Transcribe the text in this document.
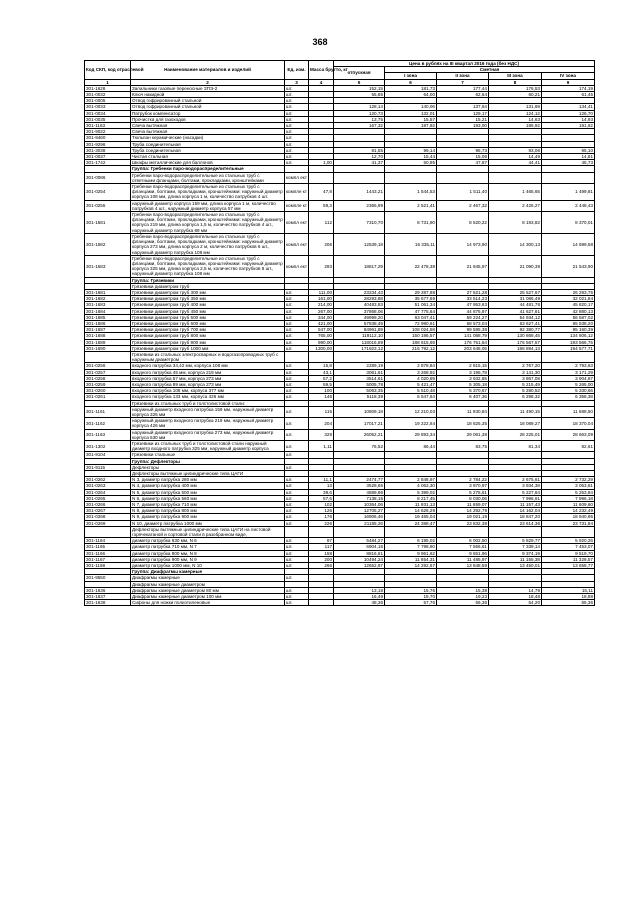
368
Код СКП, код отраслевой	Наименование материалов и изделий	Ед. изм.	Масса брутто, кг	Цена в рублях на III квартал 2016 года (без НДС)				
				отпускная	Сметная			
					I зона	II зона	III зона	IV зона
1	2	3	4	5	6	7	8	9
301-1628	Запальники газовые переносные ЗПЭ-2	шт.		152,15	181,73	177,44	176,53	174,19
301-0032	Ключ накидной	шт.		55,85	64,00	62,64	60,21	61,45
301-0005	Отвод гофрированный стальной	шт.						
301-0033	Отвод гофрированный стальной	шт.		128,14	140,06	137,64	131,69	134,41
301-0034	Патрубок компенсатор	шт.		120,73	132,01	129,17	124,12	126,70
301-0035	Прочистка для газоходов	шт.		13,75	15,57	15,21	14,63	14,93
301-1163	Свеча вытяжная	шт.		167,32	197,92	193,00	186,92	191,62
301-9022	Свеча вытяжная	шт.						
301-9460	Тюльпан керамические (насадки)	шт.						
301-9296	Труба соединительная	шт.						
301-3038	Труба соединительная	шт.		81,55	99,14	96,73	93,06	95,10
301-0037	Чистая стальная	шт.		12,70	15,44	15,06	14,49	14,81
301-1742	Шкафы металлические для баллонов	шт.	1,00	41,37	50,95	47,87	44,41	45,73
	Группа: Гребенки паро-водораспределительные							
301-0086	Гребенки паро-водораспределительные из стальных труб с ответными фланцами, болтами, прокладками, кронштейнами	компл ект						
301-0254	Гребенки паро-водораспределительные из стальных труб с фланцами, болтами, прокладками, кронштейнами: наружный диаметр корпуса 108 мм, длина корпуса 1 м, количество патрубков 4 шт.	компле кт	47,8	1443,21	1 544,53	1 511,40	1 465,65	1 499,81
301-0255	наружный диаметр корпуса 159 мм, длина корпуса 1 м, количество патрубков 4 шт., наружный диаметр корпуса 57 мм	компле кт	59,3	2365,99	2 521,41	2 467,32	2 425,27	2 448,43
301-1581	Гребенки паро-водораспределительные из стальных труб с фланцами, болтами, прокладками, кронштейнами: наружный диаметр корпуса 219 мм, длина корпуса 1,5 м, количество патрубков 4 шт., наружный диаметр патрубка 89 мм	компл ект	112	7310,70	8 731,90	8 520,22	8 193,82	8 370,01
301-1582	Гребенки паро-водораспределительные из стальных труб с фланцами, болтами, прокладками, кронштейнами: наружный диаметр корпуса 273 мм, длина корпуса 2 м, количество патрубков 6 шт., наружный диаметр патрубка 108 мм	компл ект	206	12539,18	15 335,11	14 973,90	14 300,13	14 699,58
301-1583	Гребенки паро-водораспределительные из стальных труб с фланцами, болтами, прокладками, кронштейнами: наружный диаметр корпуса 325 мм, длина корпуса 2,5 м, количество патрубков 8 шт., наружный диаметр патрубка 108 мм	компл ект	293	18817,29	22 478,38	21 945,97	21 090,39	21 543,90
	Группа: Грязевики							
	Грязевики диаметром труб							
301-1681	Грязевики диаметром труб 300 мм	шт.	111,00	23234,43	29 287,88	27 521,28	25 527,67	26 293,75
301-1682	Грязевики диаметром труб 350 мм	шт.	161,00	28293,88	35 677,69	33 514,23	31 086,49	32 021,84
301-1683	Грязевики диаметром труб 400 мм	шт.	214,00	40483,83	51 061,34	47 953,63	44 481,78	45 820,17
301-1684	Грязевики диаметром труб 450 мм	шт.	267,00	37868,06	47 775,64	44 876,97	41 627,61	42 880,13
301-1685	Грязевики диаметром труб 500 мм	шт.	344,00	49999,20	63 047,41	59 224,27	54 934,12	56 587,02
301-1686	Грязевики диаметром труб 600 мм	шт.	421,00	57838,49	72 980,61	68 573,04	63 627,41	65 538,20
301-1687	Грязевики диаметром труб 700 мм	шт.	547,00	84961,89	108 024,58	99 595,38	92 380,77	95 160,39
301-1688	Грязевики диаметром труб 800 мм	шт.	765,00	119112,10	150 196,57	141 088,79	130 868,45	134 806,12
301-1689	Грязевики диаметром труб 900 мм	шт.	990,00	118016,89	188 615,69	176 761,64	176 567,57	193 566,75
301-1690	Грязевики диаметром труб 1000 мм	шт.	1300,00	171923,12	216 792,12	203 648,05	188 894,13	194 577,71
	Грязевики из стальных электросварных и водогазопроводных труб с наружным диаметром							
301-0256	входного патрубка 34,42 мм, корпуса 108 мм	шт.	15,8	2289,19	2 878,84	2 815,15	2 767,20	2 793,63
301-0257	входного патрубка 45 мм, корпуса 219 мм	шт.	43,1	3061,61	3 268,92	3 195,78	3 141,30	3 171,29
301-0258	входного патрубка 57 мм, корпуса 273 мм	шт.	57,2	3514,61	4 020,89	3 932,85	3 867,08	3 904,87
301-0259	входного патрубка 89 мм, корпуса 273 мм	шт.	59,5	5005,78	5 421,47	5 305,18	5 215,49	5 265,00
301-0260	входного патрубка 108 мм, корпуса 377 мм	шт.	100	5063,35	5 510,48	5 370,67	5 280,52	5 330,66
301-0261	входного патрубка 133 мм, корпуса 426 мм	шт.	146	5118,39	6 547,64	6 407,36	6 298,32	6 358,38
	Грязевики из стальных труб и толстолистовой стали:							
301-1161	наружный диаметр входного патрубка 159 мм, наружный диаметр корпуса 325 мм	шт.	115	10809,18	12 210,03	11 930,84	11 490,15	11 688,50
301-1162	наружный диаметр входного патрубка 219 мм, наружный диаметр корпуса 426 мм	шт.	204	17017,21	19 222,64	18 825,35	18 089,27	18 370,04
301-1163	наружный диаметр входного патрубка 273 мм, наружный диаметр корпуса 530 мм	шт.	329	26052,21	29 893,34	29 061,38	28 225,01	28 663,09
301-1302	Грязевики из стальных труб и толстолистовой стали наружный диаметр входного патрубка 325 мм, наружный диаметр корпуса	шт.	1,11	76,52	86,44	83,75	81,34	82,61
301-9104	Грязевики стальные	шт.						
	Группа: Дефлекторы							
301-9115	Дефлекторы	шт.						
	Дефлекторы вытяжные цилиндрические типа ЦАГИ							
301-0262	N 3, диаметр патрубка 280 мм	шт.	11,1	2474,77	2 848,97	2 784,22	2 675,61	2 732,29
301-0263	N 4, диаметр патрубка 400 мм	шт.	13	3528,65	4 063,30	3 970,97	3 934,38	3 053,81
301-0264	N 5, диаметр патрубка 500 мм	шт.	39,6	4589,96	5 399,02	5 275,61	5 227,84	5 253,84
301-0265	N 6, диаметр патрубка 560 мм	шт.	57,6	7138,16	8 217,45	8 030,06	7 996,61	7 996,18
301-0266	N 7, диаметр патрубка 710 мм	шт.	102	10364,06	11 931,13	11 659,07	11 157,43	11 609,60
301-0267	N 8, диаметр патрубка 800 мм	шт.	126	12705,27	14 626,29	14 292,79	14 162,04	14 232,49
301-0268	N 9, диаметр патрубка 900 мм	шт.	176	16906,46	19 465,04	19 021,19	18 847,20	18 940,95
301-0269	N 10, диаметр патрубка 1000 мм	шт.	226	21185,26	24 388,47	23 832,38	23 614,36	23 731,84
	Дефлекторы вытяжные цилиндрические типа ЦАГИ на листовой горячекатаной и сортовой стали в разобранном виде,							
301-1164	диаметр патрубка 630 мм, N 6	шт.	87	5484,27	6 195,02	6 002,50	5 829,77	5 920,26
301-1165	диаметр патрубка 710 мм, N 7	шт.	117	6904,16	7 798,90	7 556,61	7 339,14	7 453,07
301-1166	диаметр патрубка 800 мм, N 8	шт.	158	8816,61	9 961,62	9 651,96	9 374,19	9 519,70
301-1167	диаметр патрубка 900 мм, N 9	шт.	200	10494,24	11 854,31	11 485,97	11 155,38	11 328,57
301-1168	диаметр патрубка 1000 мм, N 10	шт.	266	12652,87	14 292,67	13 848,59	13 450,01	13 658,77
	Группа: Диафрагмы камерные							
301-9550	Диафрагмы камерные	шт.						
	Диафрагмы камерные диаметром							
301-1636	Диафрагмы камерные диаметром 80 мм	шт.		13,18	15,76	15,38	14,79	15,11
301-1637	Диафрагмы камерные диаметром 100 мм	шт.		16,49	19,70	19,23	18,48	18,88
301-1638	Сифоны для ножки полиэтиленовые	шт.		48,36	57,76	56,36	54,20	55,36
